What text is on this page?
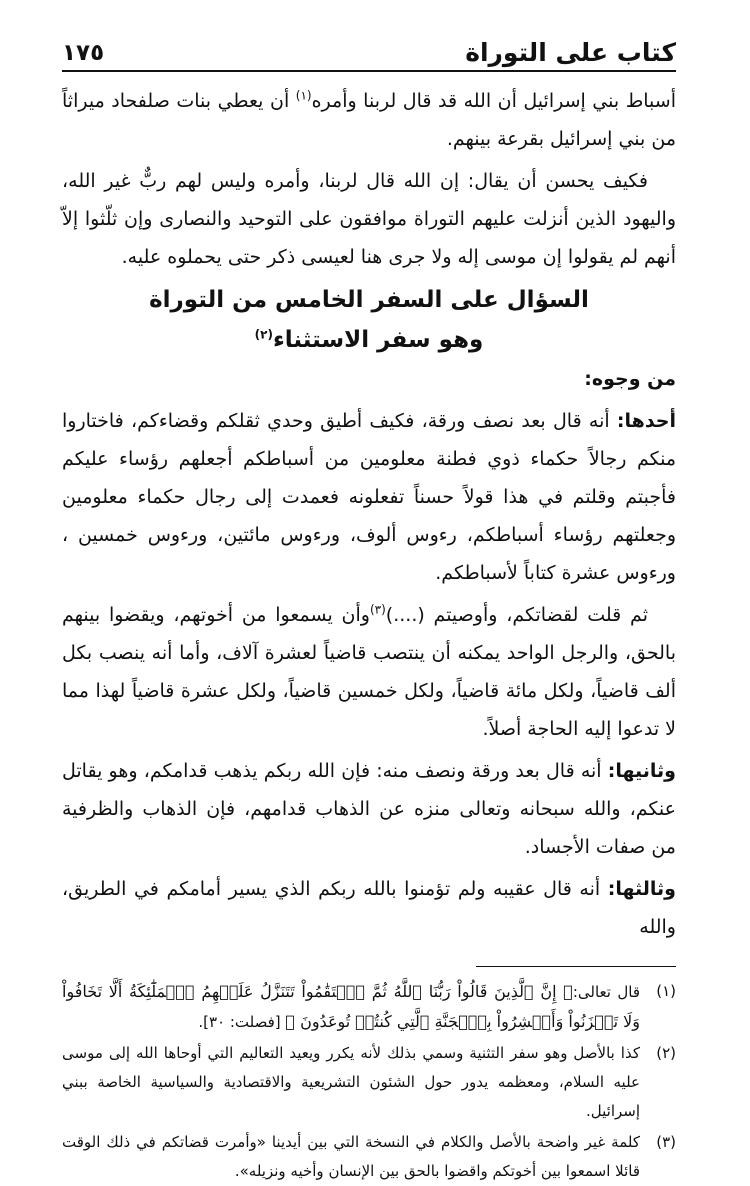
كتاب على التوراة
١٧٥

أسباط بني إسرائيل أن الله قد قال لربنا وأمره$^{(١)}$ أن يعطي بنات صلفحاد ميراثاً من بني إسرائيل بقرعة بينهم.

فكيف يحسن أن يقال: إن الله قال لربنا، وأمره وليس لهم ربٌّ غير الله، واليهود الذين أنزلت عليهم التوراة موافقون على التوحيد والنصارى وإن ثلّثوا إلاّ أنهم لم يقولوا إن موسى إله ولا جرى هنا لعيسى ذكر حتى يحملوه عليه.

السؤال على السفر الخامس من التوراة
وهو سفر الاستثناء$^{(٢)}$

من وجوه:

أحدها: أنه قال بعد نصف ورقة، فكيف أطيق وحدي ثقلكم وقضاءكم، فاختاروا منكم رجالاً حكماء ذوي فطنة معلومين من أسباطكم أجعلهم رؤساء عليكم فأجبتم وقلتم في هذا قولاً حسناً تفعلونه فعمدت إلى رجال حكماء معلومين وجعلتهم رؤساء أسباطكم، رءوس ألوف، ورءوس مائتين، ورءوس خمسين ، ورءوس عشرة كتاباً لأسباطكم.

ثم قلت لقضاتكم، وأوصيتم (....)$^{(٣)}$وأن يسمعوا من أخوتهم، ويقضوا بينهم بالحق، والرجل الواحد يمكنه أن ينتصب قاضياً لعشرة آلاف، وأما أنه ينصب بكل ألف قاضياً، ولكل مائة قاضياً، ولكل خمسين قاضياً، ولكل عشرة قاضياً لهذا مما لا تدعوا إليه الحاجة أصلاً.

وثانيها: أنه قال بعد ورقة ونصف منه: فإن الله ربكم يذهب قدامكم، وهو يقاتل عنكم، والله سبحانه وتعالى منزه عن الذهاب قدامهم، فإن الذهاب والظرفية من صفات الأجساد.

وثالثها: أنه قال عقيبه ولم تؤمنوا بالله ربكم الذي يسير أمامكم في الطريق، والله

(١)
قال تعالى:﴿ إِنَّ ٱلَّذِينَ قَالُواْ رَبُّنَا ٱللَّهُ ثُمَّ ٱسۡتَقَٰمُواْ تَتَنَزَّلُ عَلَيۡهِمُ ٱلۡمَلَٰٓئِكَةُ أَلَّا تَخَافُواْ وَلَا تَحۡزَنُواْ وَأَبۡشِرُواْ بِٱلۡجَنَّةِ ٱلَّتِي كُنتُمۡ تُوعَدُونَ ﴾ [فصلت: ٣٠].
(٢)
كذا بالأصل وهو سفر التثنية وسمي بذلك لأنه يكرر ويعيد التعاليم التي أوحاها الله إلى موسى عليه السلام، ومعظمه يدور حول الشئون التشريعية والاقتصادية والسياسية الخاصة ببني إسرائيل.
(٣)
كلمة غير واضحة بالأصل والكلام في النسخة التي بين أيدينا «وأمرت قضاتكم في ذلك الوقت قائلا اسمعوا بين أخوتكم واقضوا بالحق بين الإنسان وأخيه ونزيله».
